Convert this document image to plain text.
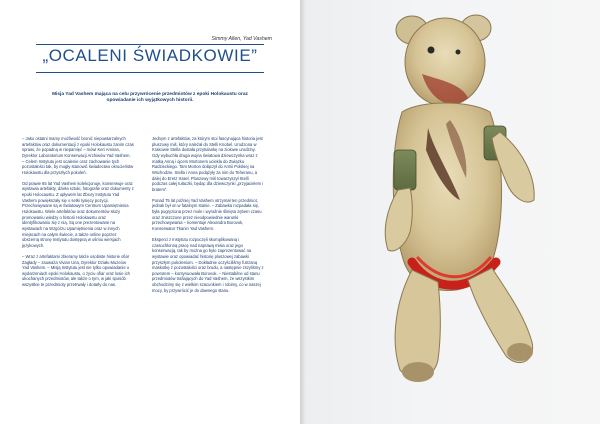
Simmy Allen, Yad Vashem
„OCALENI ŚWIADKOWIE”
Misja Yad Vashem mająca na celu przywrócenie przedmiotów z epoki Holokaustu oraz opowiadanie ich wyjątkowych historii.

– Jako ostatni mamy możliwość bronić niepowtarzalnych artefaktów oraz dokumentacji z epoki Holokaustu zanim czas sprawi, że popadną w niepamięć – mówi Keri Amiran, Dyrektor Laboratorium Konserwacji Archiwów Yad Vashem. – Celem Instytutu jest ocalenie oraz zachowanie tych pozostałości tak, by mogły stanowić świadectwo okrucieństw Holokaustu dla przyszłych pokoleń.

Od prawie 65 lat Yad Vashem kolekcjonuje, konserwuje oraz wystawia artefakty, dzieła sztuki, fotografie oraz dokumenty z epoki Holocaustu. Z upływem lat Zbiory Instytutu Yad Vashem powiększały się o setki tysięcy pozycji. Przechowywane są w Światowym Centrum Upamiętnienia Holokaustu. Wiele artefaktów oraz dokumentów służy promowaniu wiedzy o historii Holokaustu oraz identyfikowaniu się z nią. Są one prezentowane na wystawach na Wzgórzu Upamiętnienia oraz w innych miejscach na całym świecie, a także online poprzez obszerną stronę Instytutu dostępną w ośmiu wersjach językowych.

– Wraz z artefaktami zbieramy także osobiste historie ofiar Zagłady – zauważa Vivian Uria, Dyrektor Działu Muzeów Yad Vashem. – Misją Instytutu jest nie tylko opowiadanie o wydarzeniach epoki Holokaustu, o życiu ofiar oraz losie ich ukochanych przedmiotów, ale także o tym, w jaki sposób wszystkie te przedmioty przetrwały i dotarły do nas.

Jednym z artefaktów, za którym stoi fascynująca historia jest pluszowy miś, który należał do Stelli Knobel. Urodzona w Krakowie Stella dostała przytulankę na ziołowe urodziny. Gdy wybuchła druga wojna światowa dziewczynka wraz z matką Anną i ojcem Mortonem ucieklа do Związku Radzieckiego. Tam Morton dołączył do Armii Polskiej na Wschodzie. Stella i Anna podążyły za nim do Teheranu, a dalej do Eretz Israel. Pluszowy miś towarzyszył Stelli podczas całej tułaczki, będąc dla dziewczynki „przyjacielem i bratem”.

Ponad 75 lat później Yad Vashem otrzymał ten przedmiot, jednak był on w fatalnym stanie. – Zabawka rozpadała się, była pogryziona przez mole i wyraźnie ślinięta zębem czasu oraz zniszczone przez nieodpowiednie warunki przechowywania – komentuje Alexandra Borovok, Konserwator Tkanin Yad Vashem.

Eksperci z Instytutu rozpoczęli skomplikowaną i czasochłonną pracę nad naprawą misia oraz jego konserwacją, tak by można go było zaprezentować na wystawie oraz opowiadać historię pluszowej zabawki przyszłym pokoleniom. – Dokładnie oczyściliśmy futrzaną maskotkę z pozostałości oraz brudu, a następnie zszyliśmy z powrotem – kontynuowała Borovok. – Niestabilne od stanu przedmiotów trafiających do Yad Vashem, że wszystkim obchodzimy się z wielkim szacunkiem i robimy, co w naszej mocy, by przywrócić je do dawnego stanu.
